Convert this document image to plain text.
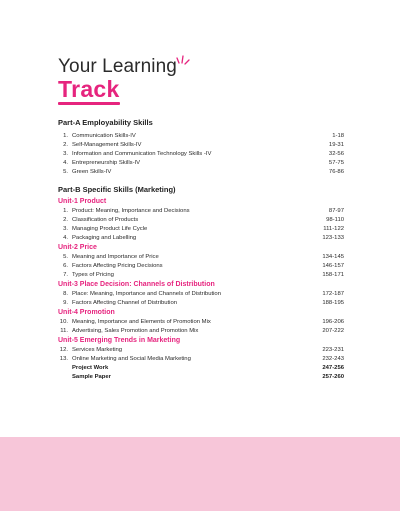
Your Learning
Track
Part-A Employability Skills
1. Communication Skills-IV	1-18
2. Self-Management Skills-IV	19-31
3. Information and Communication Technology Skills -IV	32-56
4. Entrepreneurship Skills-IV	57-75
5. Green Skills-IV	76-86
Part-B Specific Skills (Marketing)
Unit-1 Product
1. Product: Meaning, Importance and Decisions	87-97
2. Classification of Products	98-110
3. Managing Product Life Cycle	111-122
4. Packaging and Labelling	123-133
Unit-2 Price
5. Meaning and Importance of Price	134-145
6. Factors Affecting Pricing Decisions	146-157
7. Types of Pricing	158-171
Unit-3 Place Decision: Channels of Distribution
8. Place: Meaning, Importance and Channels of Distribution	172-187
9. Factors Affecting Channel of Distribution	188-195
Unit-4 Promotion
10. Meaning, Importance and Elements of Promotion Mix	196-206
11. Advertising, Sales Promotion and Promotion Mix	207-222
Unit-5 Emerging Trends in Marketing
12. Services Marketing	223-231
13. Online Marketing and Social Media Marketing	232-243
Project Work	247-256
Sample Paper	257-260
